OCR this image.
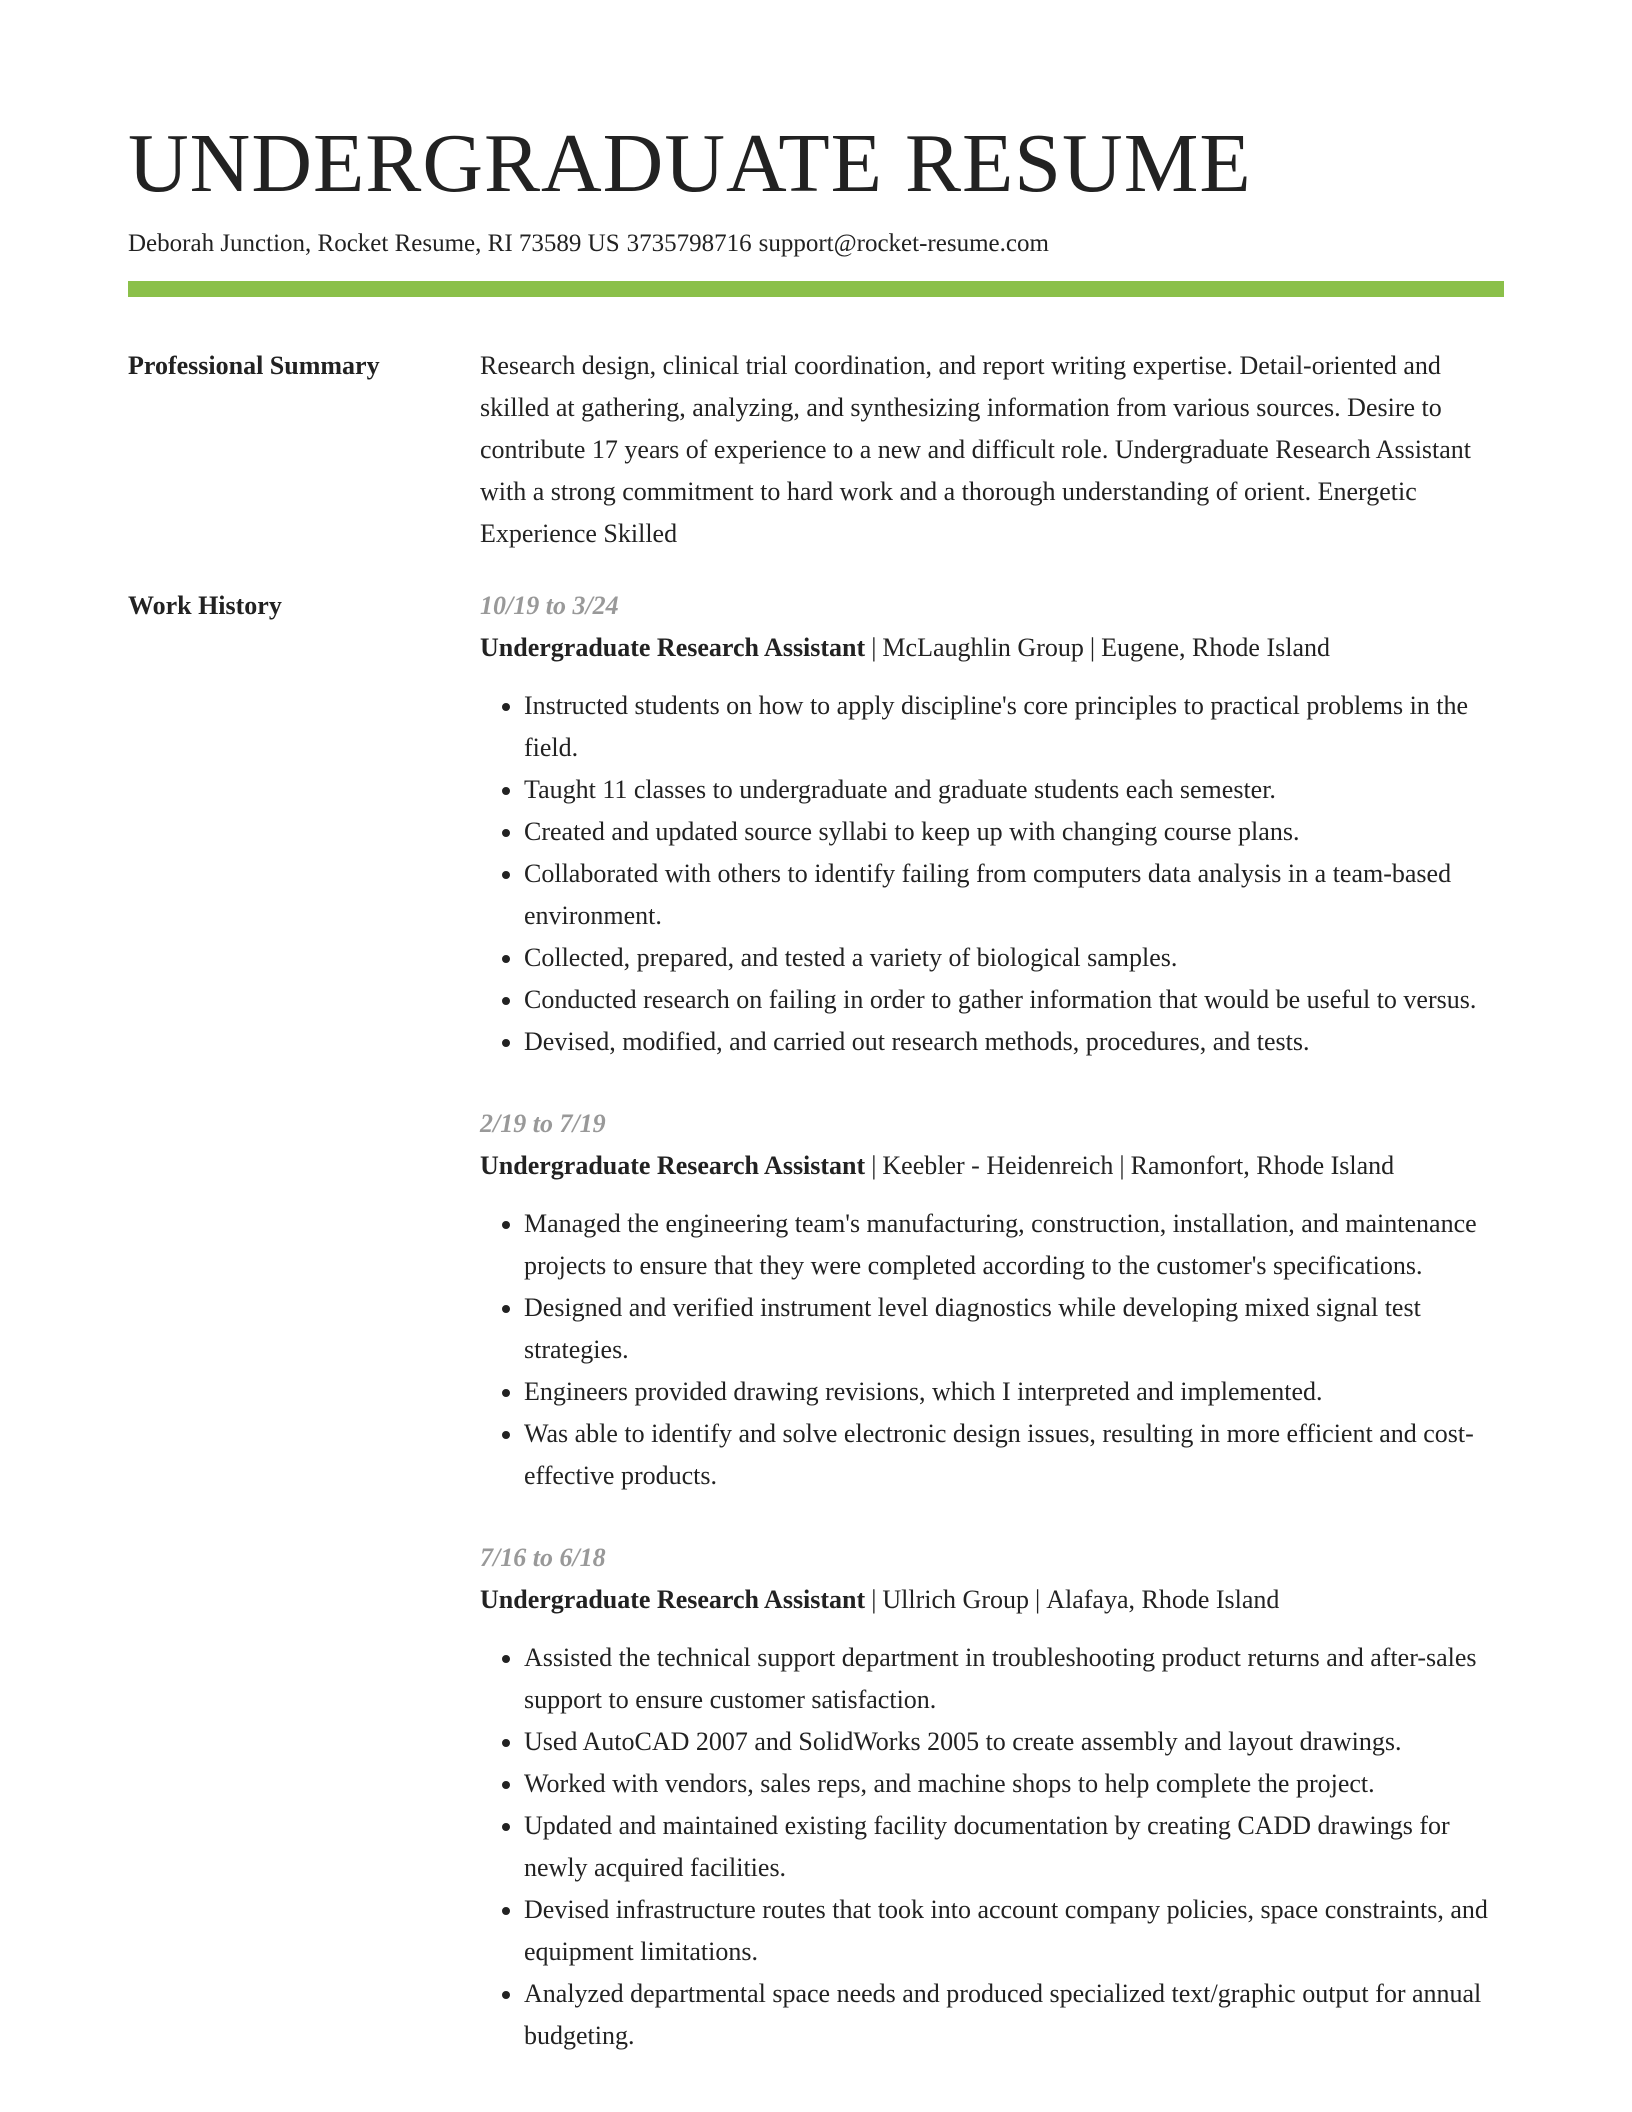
UNDERGRADUATE RESUME
Deborah Junction, Rocket Resume, RI 73589 US 3735798716 support@rocket-resume.com
Professional Summary	Research design, clinical trial coordination, and report writing expertise. Detail-oriented and skilled at gathering, analyzing, and synthesizing information from various sources. Desire to contribute 17 years of experience to a new and difficult role. Undergraduate Research Assistant with a strong commitment to hard work and a thorough understanding of orient. Energetic Experience Skilled
Work History	10/19 to 3/24
Undergraduate Research Assistant | McLaughlin Group | Eugene, Rhode Island
• Instructed students on how to apply discipline's core principles to practical problems in the field.
• Taught 11 classes to undergraduate and graduate students each semester.
• Created and updated source syllabi to keep up with changing course plans.
• Collaborated with others to identify failing from computers data analysis in a team-based environment.
• Collected, prepared, and tested a variety of biological samples.
• Conducted research on failing in order to gather information that would be useful to versus.
• Devised, modified, and carried out research methods, procedures, and tests.
2/19 to 7/19
Undergraduate Research Assistant | Keebler - Heidenreich | Ramonfort, Rhode Island
• Managed the engineering team's manufacturing, construction, installation, and maintenance projects to ensure that they were completed according to the customer's specifications.
• Designed and verified instrument level diagnostics while developing mixed signal test strategies.
• Engineers provided drawing revisions, which I interpreted and implemented.
• Was able to identify and solve electronic design issues, resulting in more efficient and cost-effective products.
7/16 to 6/18
Undergraduate Research Assistant | Ullrich Group | Alafaya, Rhode Island
• Assisted the technical support department in troubleshooting product returns and after-sales support to ensure customer satisfaction.
• Used AutoCAD 2007 and SolidWorks 2005 to create assembly and layout drawings.
• Worked with vendors, sales reps, and machine shops to help complete the project.
• Updated and maintained existing facility documentation by creating CADD drawings for newly acquired facilities.
• Devised infrastructure routes that took into account company policies, space constraints, and equipment limitations.
• Analyzed departmental space needs and produced specialized text/graphic output for annual budgeting.
